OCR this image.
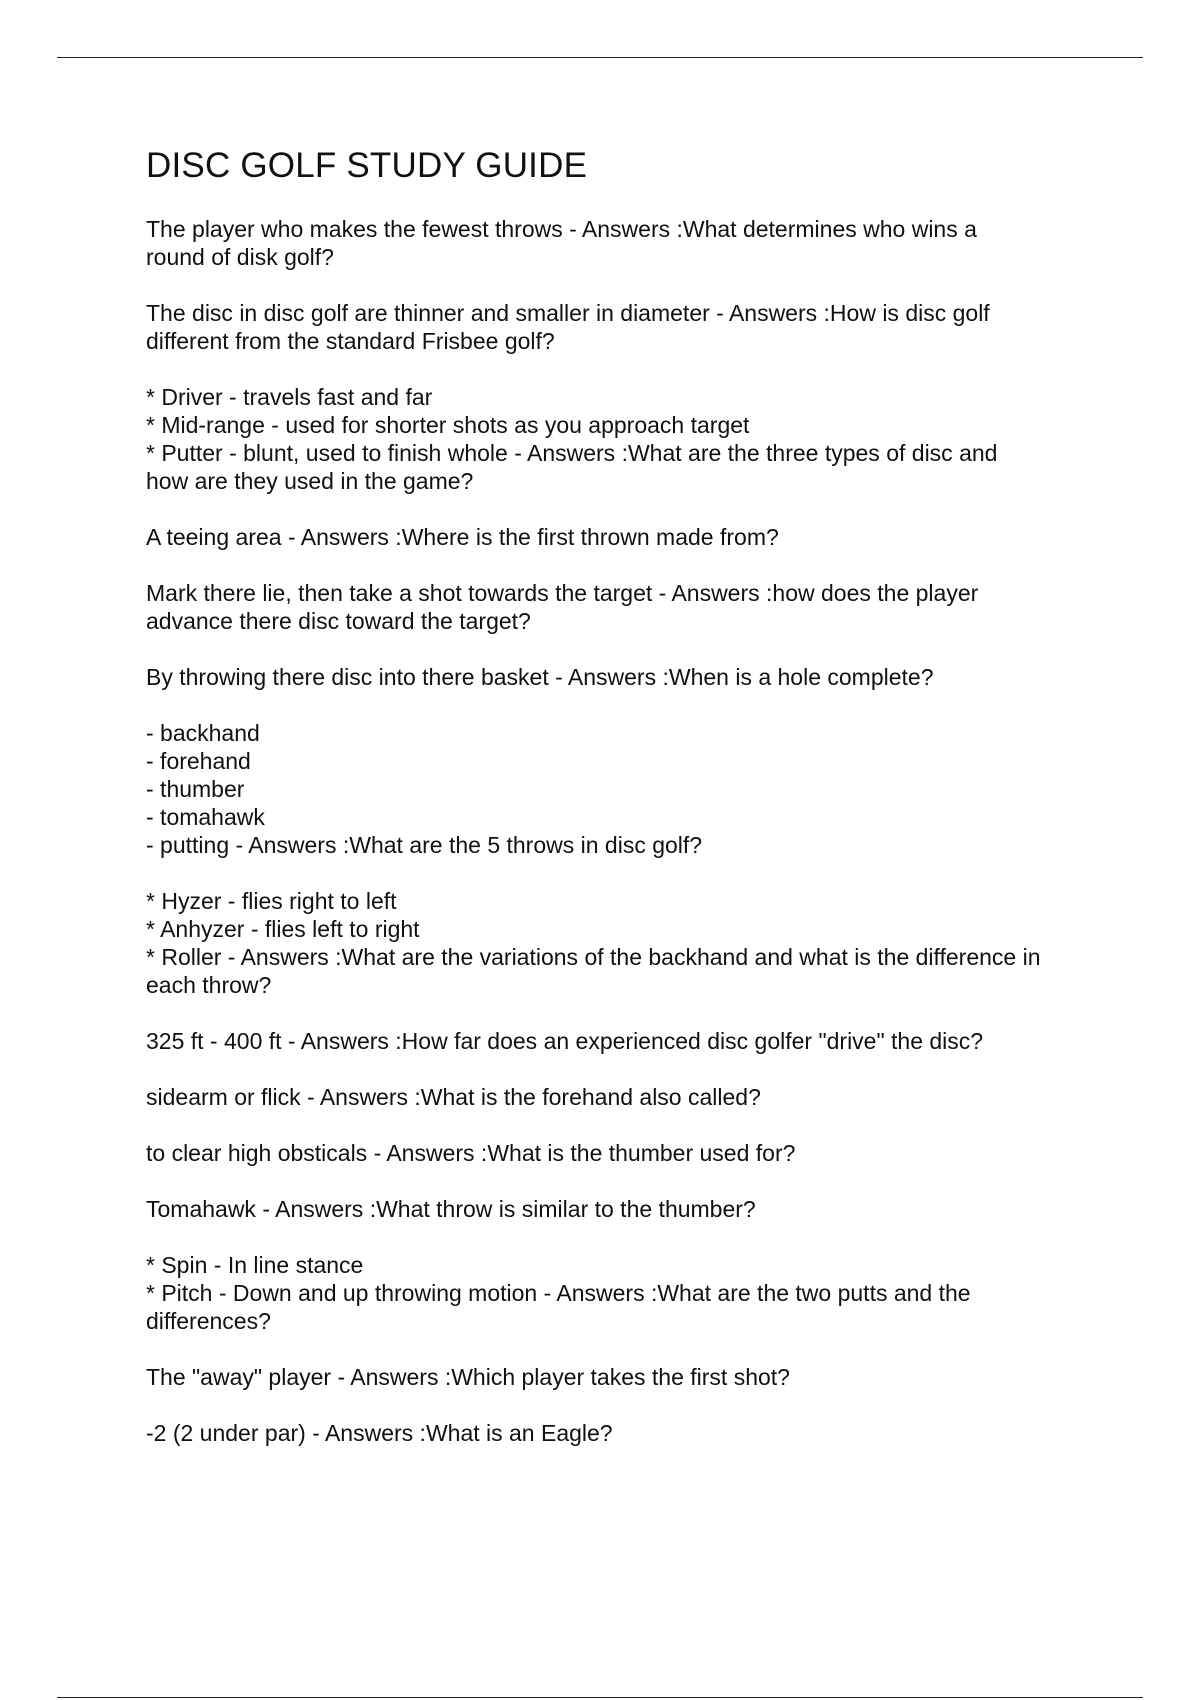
DISC GOLF STUDY GUIDE

The player who makes the fewest throws - Answers :What determines who wins a
round of disk golf?

The disc in disc golf are thinner and smaller in diameter - Answers :How is disc golf
different from the standard Frisbee golf?

* Driver - travels fast and far
* Mid-range - used for shorter shots as you approach target
* Putter - blunt, used to finish whole - Answers :What are the three types of disc and
how are they used in the game?

A teeing area - Answers :Where is the first thrown made from?

Mark there lie, then take a shot towards the target - Answers :how does the player
advance there disc toward the target?

By throwing there disc into there basket - Answers :When is a hole complete?

- backhand
- forehand
- thumber
- tomahawk
- putting - Answers :What are the 5 throws in disc golf?

* Hyzer - flies right to left
* Anhyzer - flies left to right
* Roller - Answers :What are the variations of the backhand and what is the difference in
each throw?

325 ft - 400 ft - Answers :How far does an experienced disc golfer "drive" the disc?

sidearm or flick - Answers :What is the forehand also called?

to clear high obsticals - Answers :What is the thumber used for?

Tomahawk - Answers :What throw is similar to the thumber?

* Spin - In line stance
* Pitch - Down and up throwing motion - Answers :What are the two putts and the
differences?

The "away" player - Answers :Which player takes the first shot?

-2 (2 under par) - Answers :What is an Eagle?
